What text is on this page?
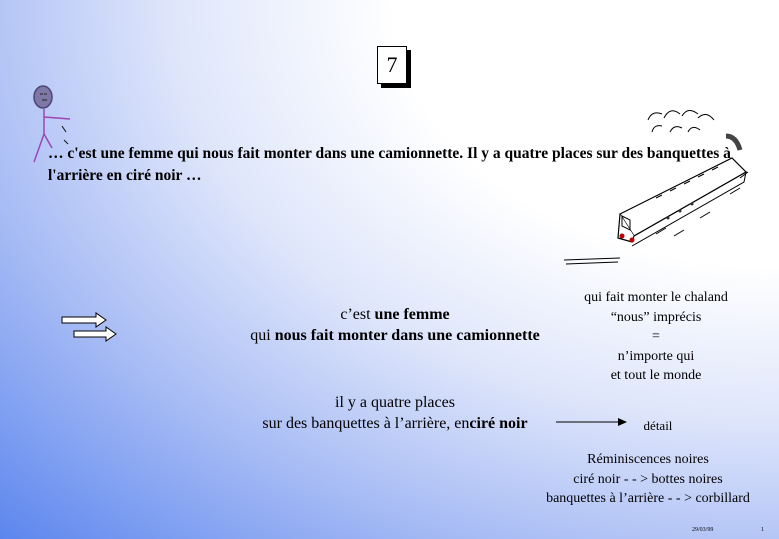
7
… c'est une femme qui nous fait monter dans une camionnette. Il y a quatre places sur des banquettes à l'arrière en ciré noir …
c’est une femme
qui nous fait monter dans une camionnette
qui fait monter le chaland
“nous” imprécis
=
n’importe qui
et tout le monde
il y a quatre places
sur des banquettes à l’arrière, enciré noir	détail
Réminiscences noires
ciré noir - - > bottes noires
banquettes à l’arrière - - > corbillard
29/03/99	1
